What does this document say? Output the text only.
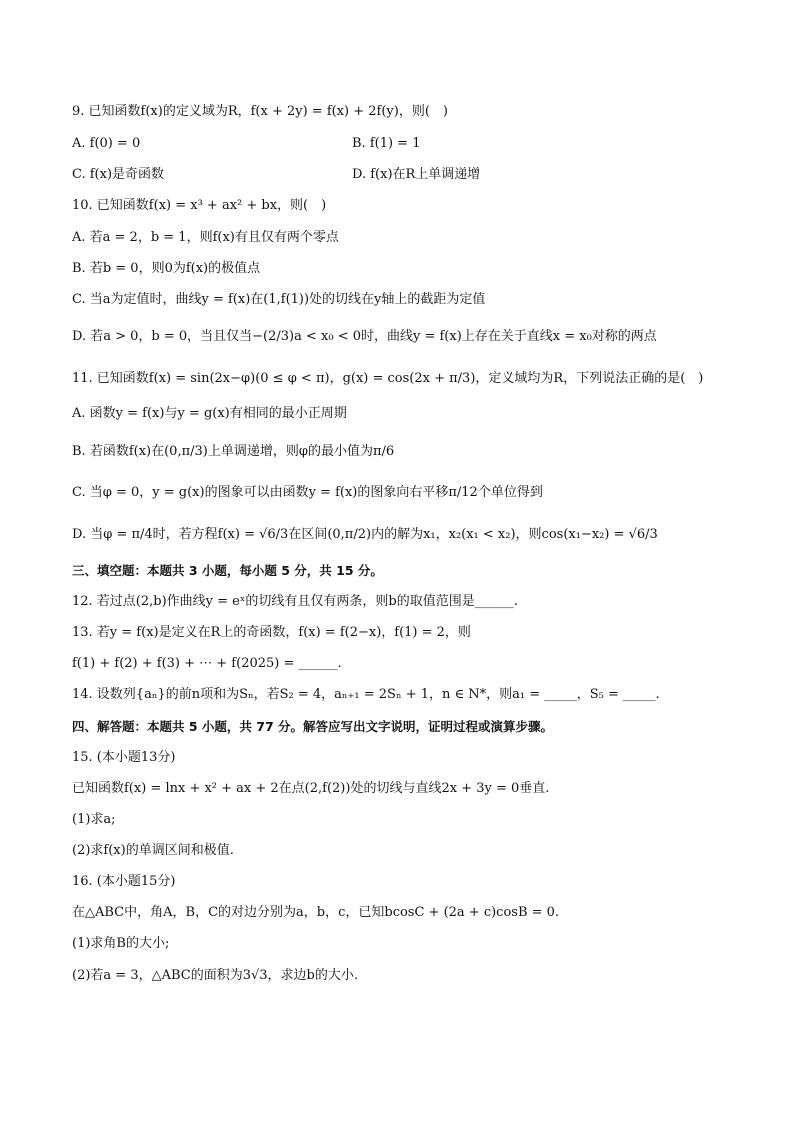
9. 已知函数f(x)的定义域为R，f(x + 2y) = f(x) + 2f(y)，则(　)
A. f(0) = 0	B. f(1) = 1
C. f(x)是奇函数	D. f(x)在R上单调递增
10. 已知函数f(x) = x³ + ax² + bx，则(　)
A. 若a = 2，b = 1，则f(x)有且仅有两个零点
B. 若b = 0，则0为f(x)的极值点
C. 当a为定值时，曲线y = f(x)在(1,f(1))处的切线在y轴上的截距为定值
D. 若a > 0，b = 0，当且仅当−(2/3)a < x₀ < 0时，曲线y = f(x)上存在关于直线x = x₀对称的两点
11. 已知函数f(x) = sin(2x−φ)(0 ≤ φ < π)，g(x) = cos(2x + π/3)，定义域均为R，下列说法正确的是(　)
A. 函数y = f(x)与y = g(x)有相同的最小正周期
B. 若函数f(x)在(0,π/3)上单调递增，则φ的最小值为π/6
C. 当φ = 0，y = g(x)的图象可以由函数y = f(x)的图象向右平移π/12个单位得到
D. 当φ = π/4时，若方程f(x) = √6/3在区间(0,π/2)内的解为x₁，x₂(x₁ < x₂)，则cos(x₁−x₂) = √6/3
三、填空题：本题共 3 小题，每小题 5 分，共 15 分。
12. 若过点(2,b)作曲线y = eˣ的切线有且仅有两条，则b的取值范围是______.
13. 若y = f(x)是定义在R上的奇函数，f(x) = f(2−x)，f(1) = 2，则
f(1) + f(2) + f(3) + ⋯ + f(2025) = ______.
14. 设数列{aₙ}的前n项和为Sₙ，若S₂ = 4，aₙ₊₁ = 2Sₙ + 1，n ∈ N*，则a₁ = _____，S₅ = _____.
四、解答题：本题共 5 小题，共 77 分。解答应写出文字说明，证明过程或演算步骤。
15. (本小题13分)
已知函数f(x) = lnx + x² + ax + 2在点(2,f(2))处的切线与直线2x + 3y = 0垂直.
(1)求a;
(2)求f(x)的单调区间和极值.
16. (本小题15分)
在△ABC中，角A，B，C的对边分别为a，b，c，已知bcosC + (2a + c)cosB = 0.
(1)求角B的大小;
(2)若a = 3，△ABC的面积为3√3，求边b的大小.
